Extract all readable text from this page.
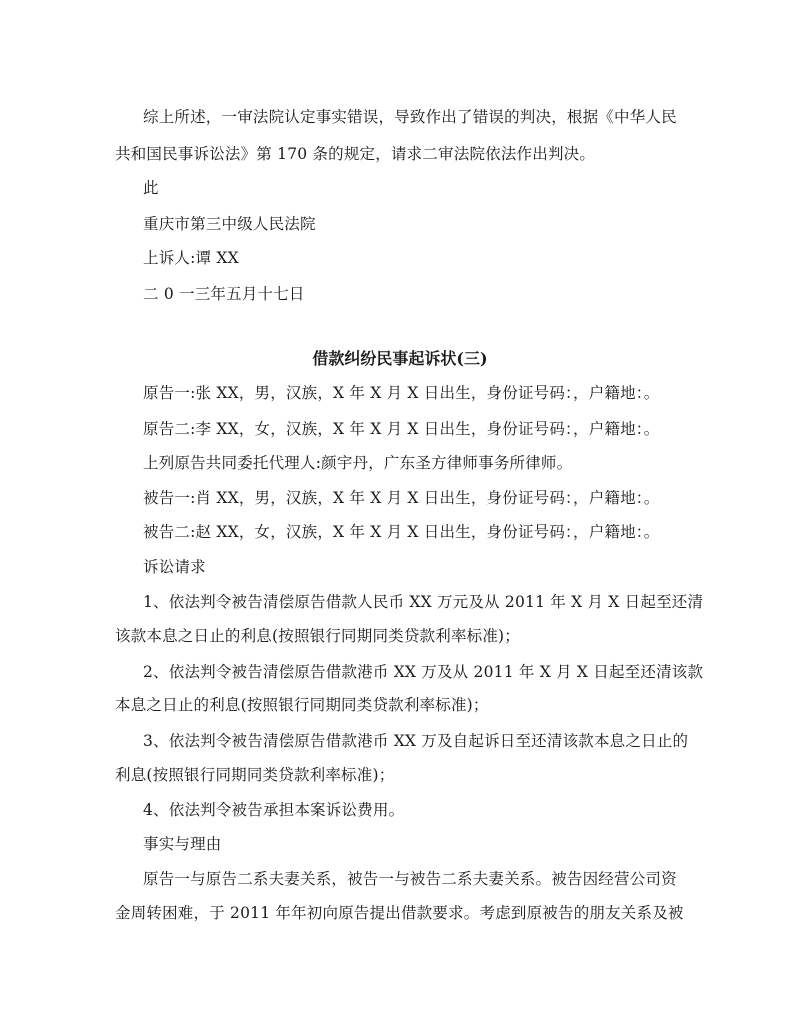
综上所述，一审法院认定事实错误，导致作出了错误的判决，根据《中华人民
共和国民事诉讼法》第 170 条的规定，请求二审法院依法作出判决。
此
重庆市第三中级人民法院
上诉人:谭 XX
二 0 一三年五月十七日
借款纠纷民事起诉状(三)
原告一:张 XX，男，汉族，X 年 X 月 X 日出生，身份证号码：，户籍地：。
原告二:李 XX，女，汉族，X 年 X 月 X 日出生，身份证号码：，户籍地：。
上列原告共同委托代理人:颜宇丹，广东圣方律师事务所律师。
被告一:肖 XX，男，汉族，X 年 X 月 X 日出生，身份证号码：，户籍地：。
被告二:赵 XX，女，汉族，X 年 X 月 X 日出生，身份证号码：，户籍地：。
诉讼请求
1、依法判令被告清偿原告借款人民币 XX 万元及从 2011 年 X 月 X 日起至还清
该款本息之日止的利息(按照银行同期同类贷款利率标准)；
2、依法判令被告清偿原告借款港币 XX 万及从 2011 年 X 月 X 日起至还清该款
本息之日止的利息(按照银行同期同类贷款利率标准)；
3、依法判令被告清偿原告借款港币 XX 万及自起诉日至还清该款本息之日止的
利息(按照银行同期同类贷款利率标准)；
4、依法判令被告承担本案诉讼费用。
事实与理由
原告一与原告二系夫妻关系，被告一与被告二系夫妻关系。被告因经营公司资
金周转困难，于 2011 年年初向原告提出借款要求。考虑到原被告的朋友关系及被
